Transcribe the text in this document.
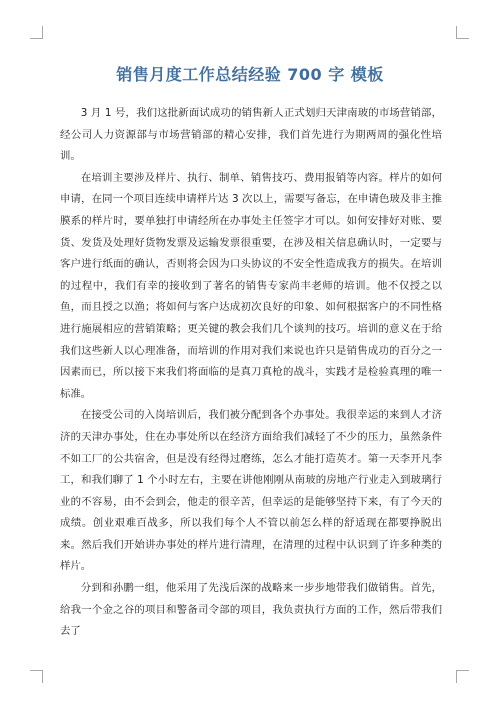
销售月度工作总结经验 700 字 模板

3 月 1 号，我们这批新面试成功的销售新人正式划归天津南玻的市场营销部，经公司人力资源部与市场营销部的精心安排，我们首先进行为期两周的强化性培训。

在培训主要涉及样片、执行、制单、销售技巧、费用报销等内容。样片的如何申请，在同一个项目连续申请样片达 3 次以上，需要写备忘，在申请色玻及非主推膜系的样片时，要单独打申请经所在办事处主任签字才可以。如何安排好对账、要货、发货及处理好货物发票及运输发票很重要，在涉及相关信息确认时，一定要与客户进行纸面的确认，否则将会因为口头协议的不安全性造成我方的损失。在培训的过程中，我们有幸的接收到了著名的销售专家尚丰老师的培训。他不仅授之以鱼，而且授之以渔；将如何与客户达成初次良好的印象、如何根据客户的不同性格进行施展相应的营销策略；更关键的教会我们几个谈判的技巧。培训的意义在于给我们这些新人以心理准备，而培训的作用对我们来说也许只是销售成功的百分之一因素而已，所以接下来我们将面临的是真刀真枪的战斗，实践才是检验真理的唯一标准。

在接受公司的入岗培训后，我们被分配到各个办事处。我很幸运的来到人才济济的天津办事处，住在办事处所以在经济方面给我们减轻了不少的压力，虽然条件不如工厂的公共宿舍，但是没有经得过磨练，怎么才能打造英才。第一天李开凡李工，和我们聊了 1 个小时左右，主要在讲他刚刚从南玻的房地产行业走入到玻璃行业的不容易，由不会到会，他走的很辛苦，但幸运的是能够坚持下来，有了今天的成绩。创业艰难百战多，所以我们每个人不管以前怎么样的舒适现在都要挣脱出来。然后我们开始讲办事处的样片进行清理，在清理的过程中认识到了许多种类的样片。

分到和孙鹏一组，他采用了先浅后深的战略来一步步地带我们做销售。首先，给我一个金之谷的项目和警备司令部的项目，我负责执行方面的工作，然后带我们去了
